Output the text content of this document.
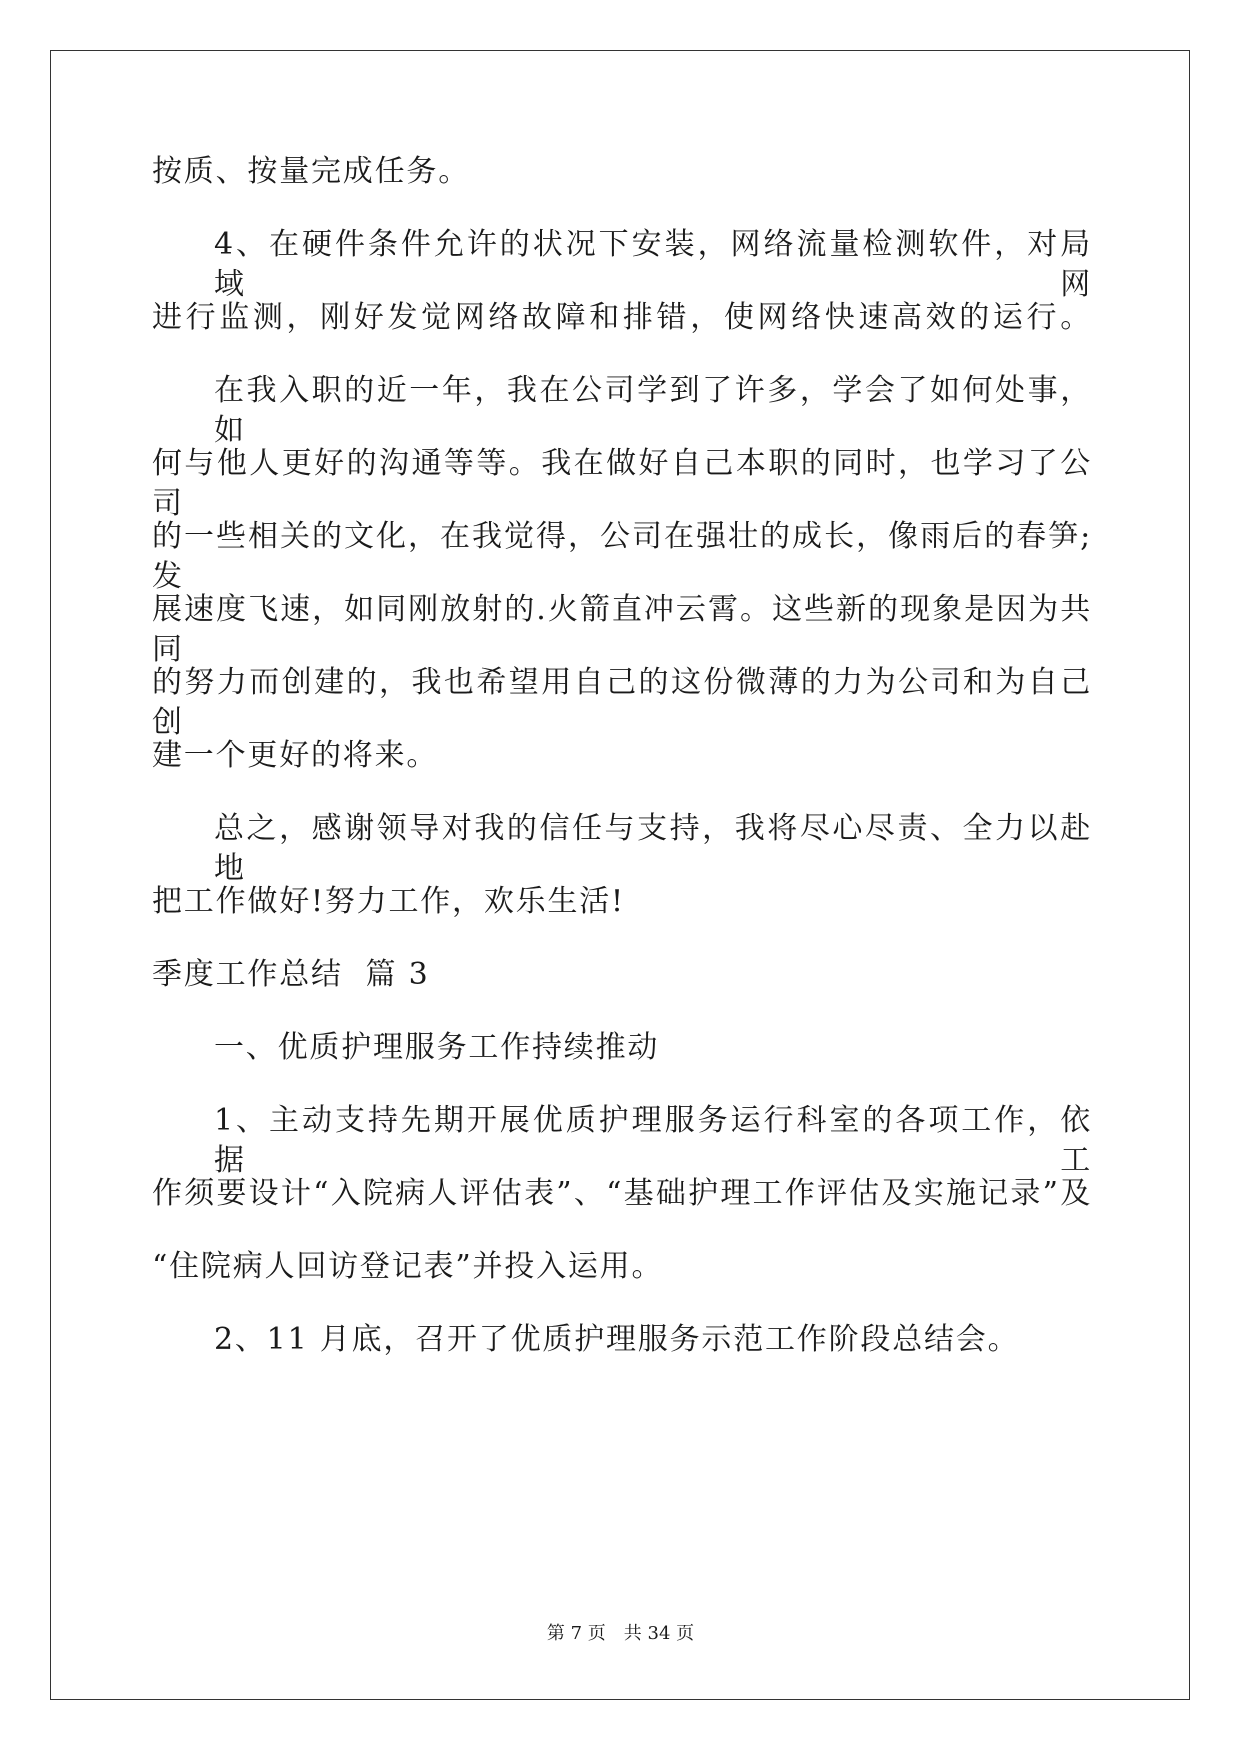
按质、按量完成任务。
4、在硬件条件允许的状况下安装，网络流量检测软件，对局域网
进行监测，刚好发觉网络故障和排错，使网络快速高效的运行。
在我入职的近一年，我在公司学到了许多，学会了如何处事，如
何与他人更好的沟通等等。我在做好自己本职的同时，也学习了公司
的一些相关的文化，在我觉得，公司在强壮的成长，像雨后的春笋;发
展速度飞速，如同刚放射的.火箭直冲云霄。这些新的现象是因为共同
的努力而创建的，我也希望用自己的这份微薄的力为公司和为自己创
建一个更好的将来。
总之，感谢领导对我的信任与支持，我将尽心尽责、全力以赴地
把工作做好!努力工作，欢乐生活!
季度工作总结  篇 3
一、优质护理服务工作持续推动
1、主动支持先期开展优质护理服务运行科室的各项工作，依据工
作须要设计“入院病人评估表”、“基础护理工作评估及实施记录”及
“住院病人回访登记表”并投入运用。
2、11 月底，召开了优质护理服务示范工作阶段总结会。
第 7 页 共 34 页
